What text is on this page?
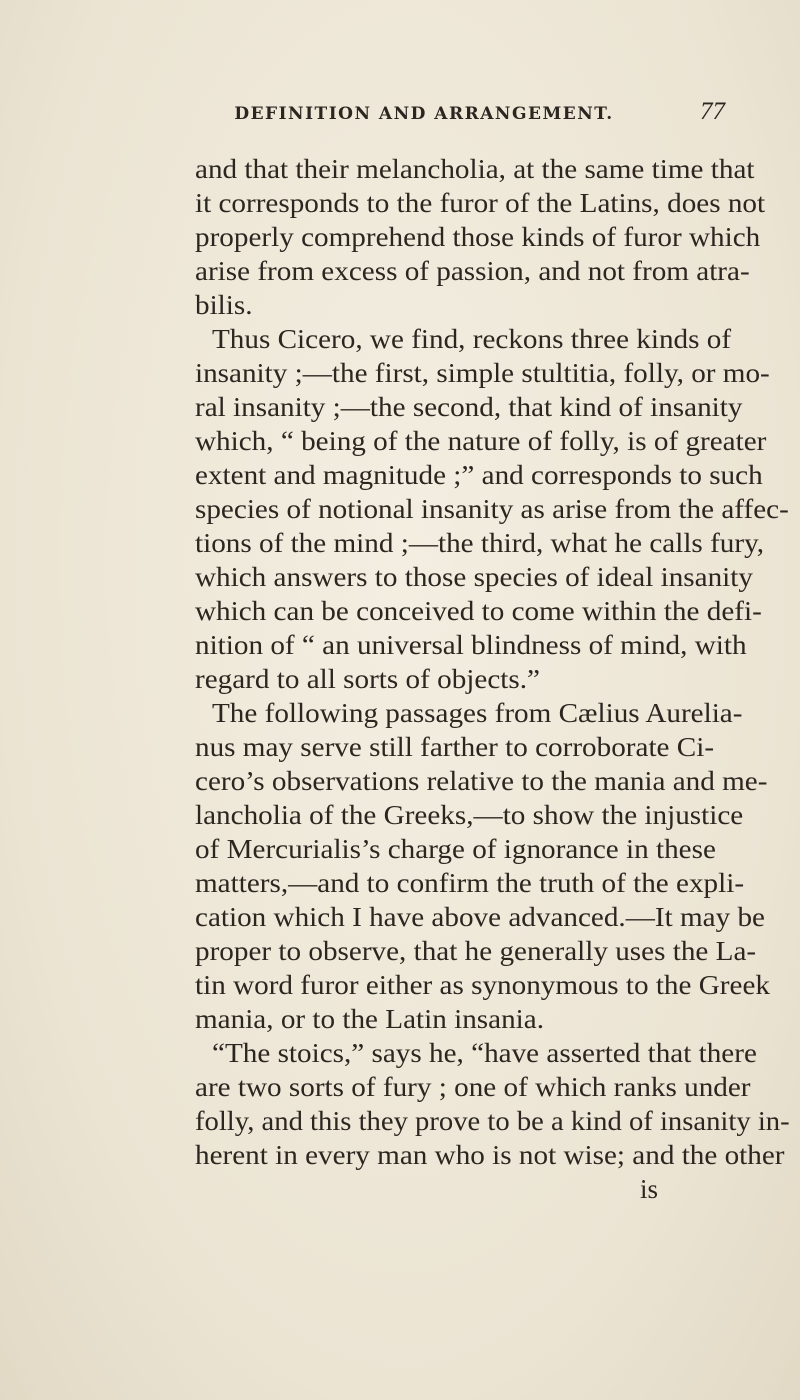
DEFINITION AND ARRANGEMENT.	77
and that their melancholia, at the same time that
it corresponds to the furor of the Latins, does not
properly comprehend those kinds of furor which
arise from excess of passion, and not from atra-
bilis.
Thus Cicero, we find, reckons three kinds of
insanity ;—the first, simple stultitia, folly, or mo-
ral insanity ;—the second, that kind of insanity
which, “ being of the nature of folly, is of greater
extent and magnitude ;” and corresponds to such
species of notional insanity as arise from the affec-
tions of the mind ;—the third, what he calls fury,
which answers to those species of ideal insanity
which can be conceived to come within the defi-
nition of “ an universal blindness of mind, with
regard to all sorts of objects.”
The following passages from Cælius Aurelia-
nus may serve still farther to corroborate Ci-
cero’s observations relative to the mania and me-
lancholia of the Greeks,—to show the injustice
of Mercurialis’s charge of ignorance in these
matters,—and to confirm the truth of the expli-
cation which I have above advanced.—It may be
proper to observe, that he generally uses the La-
tin word furor either as synonymous to the Greek
mania, or to the Latin insania.
“The stoics,” says he, “have asserted that there
are two sorts of fury ; one of which ranks under
folly, and this they prove to be a kind of insanity in-
herent in every man who is not wise; and the other
is
